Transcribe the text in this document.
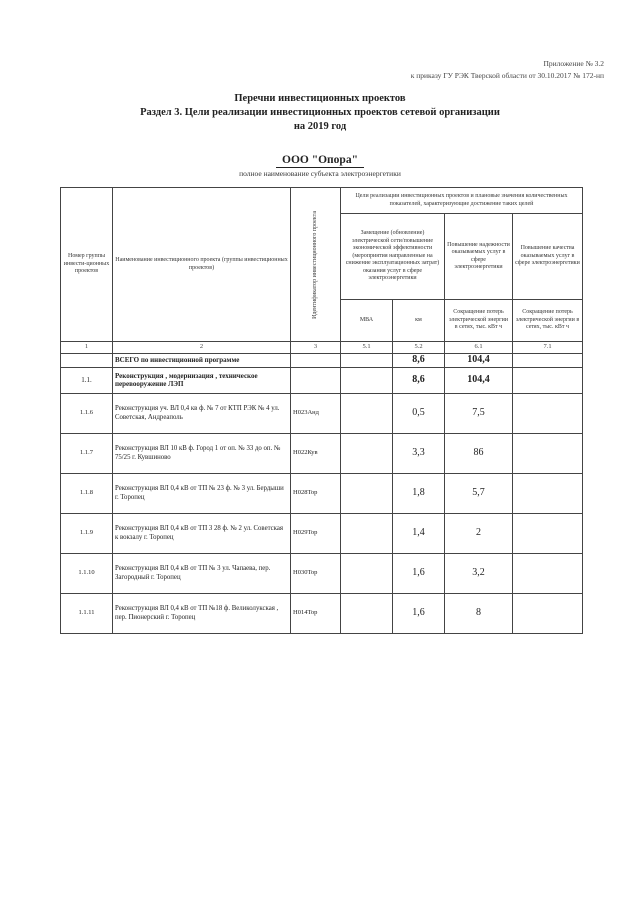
Приложение № 3.2
к приказу ГУ РЭК Тверской области от 30.10.2017 № 172-нп
Перечни инвестиционных проектов
Раздел 3. Цели реализации инвестиционных проектов сетевой организации
на 2019 год
ООО "Опора"
полное наименование субъекта электроэнергетики
Номер группы инвести-ционных проектов	Наименование инвестиционного проекта (группы инвестиционных проектов)	Идентификатор инвестиционного проекта	Цели реализации инвестиционных проектов и плановые значения количественных показателей, характеризующие достижение таких целей			
			Замещение (обновление) электрической сети/повышение экономической эффективности (мероприятия направленные на снижение эксплуатационных затрат) оказания услуг в сфере электроэнергетики		Повышение надежности оказываемых услуг в сфере электроэнергетики	Повышение качества оказываемых услуг в сфере электроэнергетики
			МВА	км	Сокращение потерь электрической энергии в сетях, тыс. кВт ч	Сокращение потерь электрической энергии в сетях, тыс. кВт ч
1	2	3	5.1	5.2	6.1	7.1
	ВСЕГО по инвестиционной программе			8,6	104,4	
1.1.	Реконструкция , модернизация , техническое перевооружение ЛЭП			8,6	104,4	
1.1.6	Реконструкция уч. ВЛ 0,4 кв ф. № 7 от КТП РЭК № 4 ул. Советская, Андреаполь	H023Анд		0,5	7,5	
1.1.7	Реконструкция ВЛ 10 кВ ф. Город 1 от оп. № 33 до оп. № 75/25 г. Кувшиново	H022Кув		3,3	86	
1.1.8	Реконструкция ВЛ 0,4 кВ от ТП № 23 ф. № 3 ул. Бердыши г. Торопец	H028Тор		1,8	5,7	
1.1.9	Реконструкция ВЛ 0,4 кВ от ТП 3 28 ф. № 2 ул. Советская к вокзалу г. Торопец	H029Тор		1,4	2	
1.1.10	Реконструкция ВЛ 0,4 кВ от ТП № 3 ул. Чапаева, пер. Загородный г. Торопец	H030Тор		1,6	3,2	
1.1.11	Реконструкция ВЛ 0,4 кВ от ТП №18 ф. Великолукская , пер. Пионерский г. Торопец	H014Тор		1,6	8	
